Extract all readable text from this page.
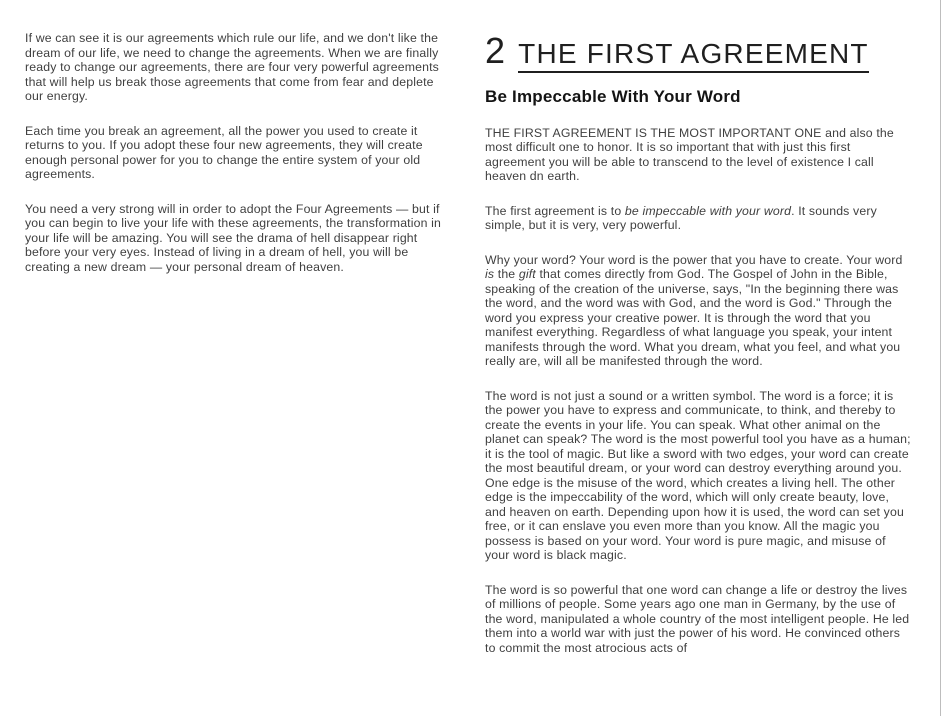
If we can see it is our agreements which rule our life, and we don't like the dream of our life, we need to change the agreements. When we are finally ready to change our agreements, there are four very powerful agreements that will help us break those agreements that come from fear and deplete our energy.

Each time you break an agreement, all the power you used to create it returns to you. If you adopt these four new agreements, they will create enough personal power for you to change the entire system of your old agreements.

You need a very strong will in order to adopt the Four Agreements — but if you can begin to live your life with these agreements, the transformation in your life will be amazing. You will see the drama of hell disappear right before your very eyes. Instead of living in a dream of hell, you will be creating a new dream — your personal dream of heaven.

2 THE FIRST AGREEMENT
Be Impeccable With Your Word

THE FIRST AGREEMENT IS THE MOST IMPORTANT ONE and also the most difficult one to honor. It is so important that with just this first agreement you will be able to transcend to the level of existence I call heaven dn earth.

The first agreement is to be impeccable with your word. It sounds very simple, but it is very, very powerful.

Why your word? Your word is the power that you have to create. Your word is the gift that comes directly from God. The Gospel of John in the Bible, speaking of the creation of the universe, says, "In the beginning there was the word, and the word was with God, and the word is God." Through the word you express your creative power. It is through the word that you manifest everything. Regardless of what language you speak, your intent manifests through the word. What you dream, what you feel, and what you really are, will all be manifested through the word.

The word is not just a sound or a written symbol. The word is a force; it is the power you have to express and communicate, to think, and thereby to create the events in your life. You can speak. What other animal on the planet can speak? The word is the most powerful tool you have as a human; it is the tool of magic. But like a sword with two edges, your word can create the most beautiful dream, or your word can destroy everything around you. One edge is the misuse of the word, which creates a living hell. The other edge is the impeccability of the word, which will only create beauty, love, and heaven on earth. Depending upon how it is used, the word can set you free, or it can enslave you even more than you know. All the magic you possess is based on your word. Your word is pure magic, and misuse of your word is black magic.

The word is so powerful that one word can change a life or destroy the lives of millions of people. Some years ago one man in Germany, by the use of the word, manipulated a whole country of the most intelligent people. He led them into a world war with just the power of his word. He convinced others to commit the most atrocious acts of
